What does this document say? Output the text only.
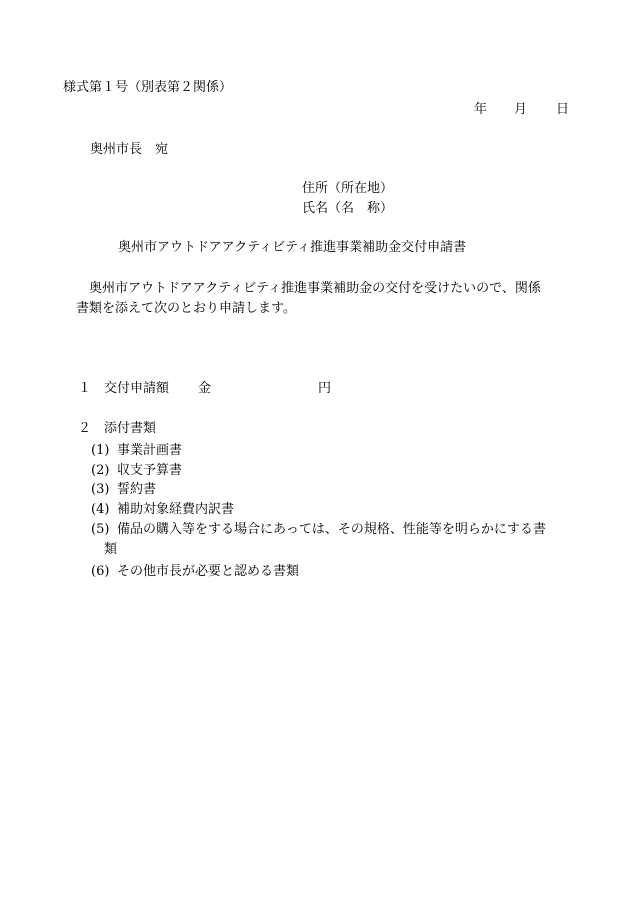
様式第１号（別表第２関係）
年 月 日
奥州市長　宛
住所（所在地）
氏名（名　称）
奥州市アウトドアアクティビティ推進事業補助金交付申請書
奥州市アウトドアアクティビティ推進事業補助金の交付を受けたいので、関係
書類を添えて次のとおり申請します。
１ 交付申請額 金	円
２ 添付書類
(1) 事業計画書
(2) 収支予算書
(3) 誓約書
(4) 補助対象経費内訳書
(5) 備品の購入等をする場合にあっては、その規格、性能等を明らかにする書
類
(6) その他市長が必要と認める書類
